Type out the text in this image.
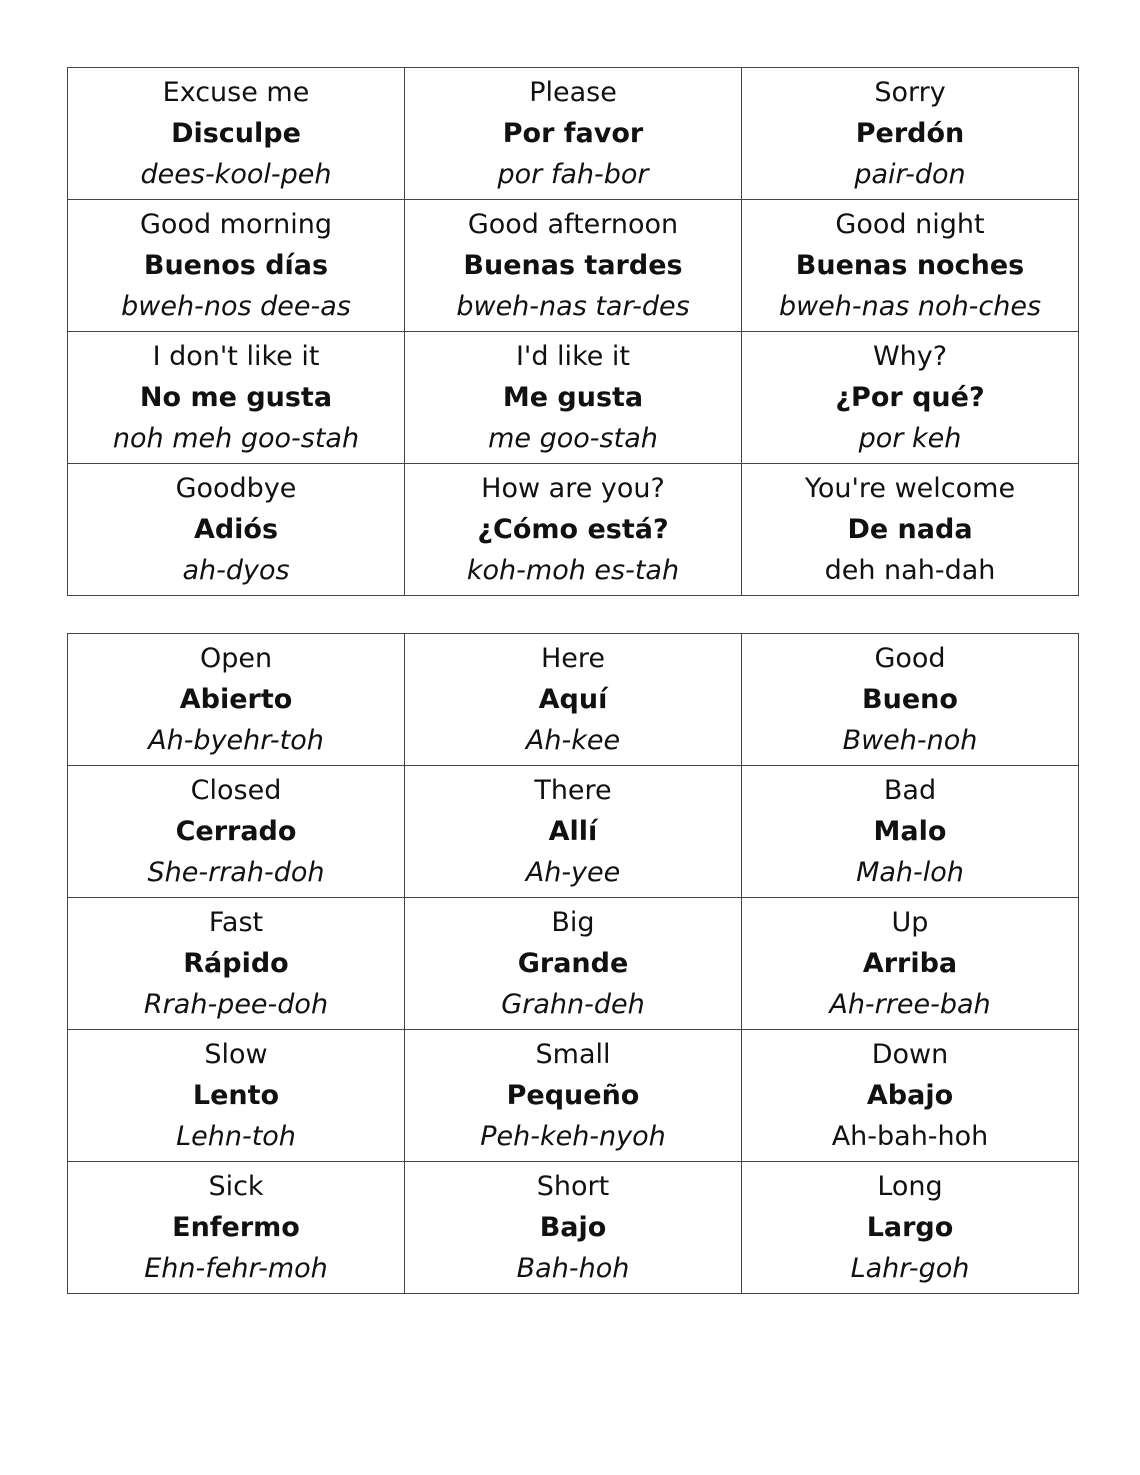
Excuse me
Disculpe
dees-kool-peh	Please
Por favor
por fah-bor	Sorry
Perdón
pair-don

Good morning
Buenos días
bweh-nos dee-as	Good afternoon
Buenas tardes
bweh-nas tar-des	Good night
Buenas noches
bweh-nas noh-ches

I don't like it
No me gusta
noh meh goo-stah	I'd like it
Me gusta
me goo-stah	Why?
¿Por qué?
por keh

Goodbye
Adiós
ah-dyos	How are you?
¿Cómo está?
koh-moh es-tah	You're welcome
De nada
deh nah-dah
Open
Abierto
Ah-byehr-toh	Here
Aquí
Ah-kee	Good
Bueno
Bweh-noh

Closed
Cerrado
She-rrah-doh	There
Allí
Ah-yee	Bad
Malo
Mah-loh

Fast
Rápido
Rrah-pee-doh	Big
Grande
Grahn-deh	Up
Arriba
Ah-rree-bah

Slow
Lento
Lehn-toh	Small
Pequeño
Peh-keh-nyoh	Down
Abajo
Ah-bah-hoh

Sick
Enfermo
Ehn-fehr-moh	Short
Bajo
Bah-hoh	Long
Largo
Lahr-goh
